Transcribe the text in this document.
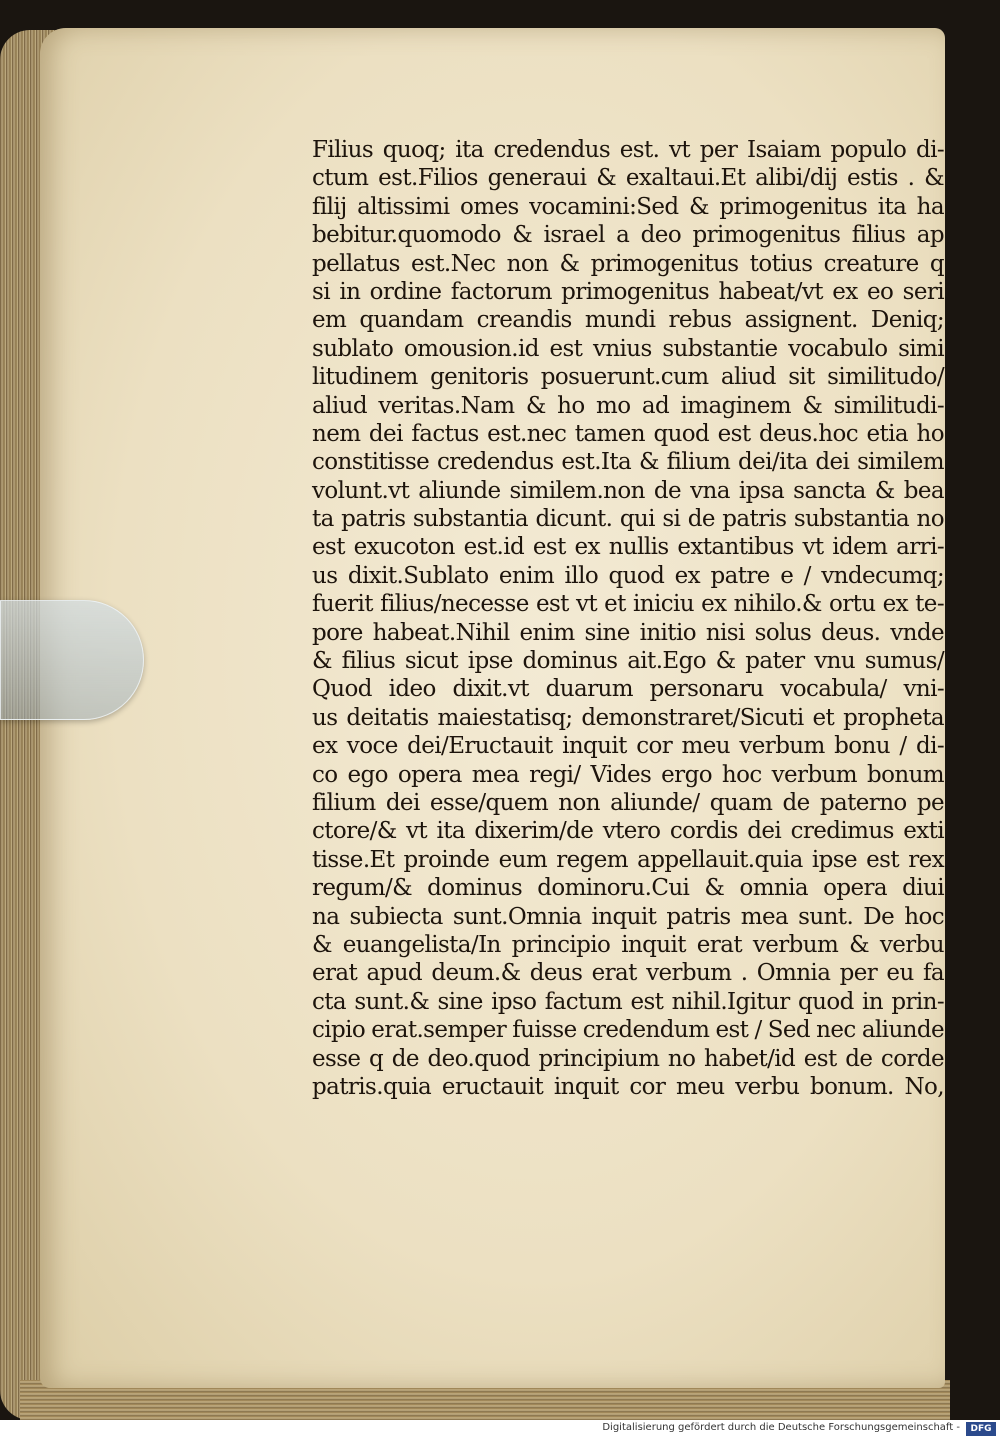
Filius quoq; ita credendus est. vt per Isaiam populo di-
ctum est.Filios generaui & exaltaui.Et alibi/dij estis . &
filij altissimi omes vocamini:Sed & primogenitus ita ha
bebitur.quomodo & israel a deo primogenitus filius ap
pellatus est.Nec non & primogenitus totius creature q
si in ordine factorum primogenitus habeat/vt ex eo seri
em quandam creandis mundi rebus assignent. Deniq;
sublato omousion.id est vnius substantie vocabulo simi
litudinem genitoris posuerunt.cum aliud sit similitudo/
aliud veritas.Nam & ho mo ad imaginem & similitudi-
nem dei factus est.nec tamen quod est deus.hoc etia ho
constitisse credendus est.Ita & filium dei/ita dei similem
volunt.vt aliunde similem.non de vna ipsa sancta & bea
ta patris substantia dicunt. qui si de patris substantia no
est exucoton est.id est ex nullis extantibus vt idem arri-
us dixit.Sublato enim illo quod ex patre e / vndecumq;
fuerit filius/necesse est vt et iniciu ex nihilo.& ortu ex te-
pore habeat.Nihil enim sine initio nisi solus deus. vnde
& filius sicut ipse dominus ait.Ego & pater vnu sumus/
Quod ideo dixit.vt duarum personaru vocabula/ vni-
us deitatis maiestatisq; demonstraret/Sicuti et propheta
ex voce dei/Eructauit inquit cor meu verbum bonu / di-
co ego opera mea regi/ Vides ergo hoc verbum bonum
filium dei esse/quem non aliunde/ quam de paterno pe
ctore/& vt ita dixerim/de vtero cordis dei credimus exti
tisse.Et proinde eum regem appellauit.quia ipse est rex
regum/& dominus dominoru.Cui & omnia opera diui
na subiecta sunt.Omnia inquit patris mea sunt. De hoc
& euangelista/In principio inquit erat verbum & verbu
erat apud deum.& deus erat verbum . Omnia per eu fa
cta sunt.& sine ipso factum est nihil.Igitur quod in prin-
cipio erat.semper fuisse credendum est / Sed nec aliunde
esse q de deo.quod principium no habet/id est de corde
patris.quia eructauit inquit cor meu verbu bonum. No,
Digitalisierung gefördert durch die Deutsche Forschungsgemeinschaft -	DFG
